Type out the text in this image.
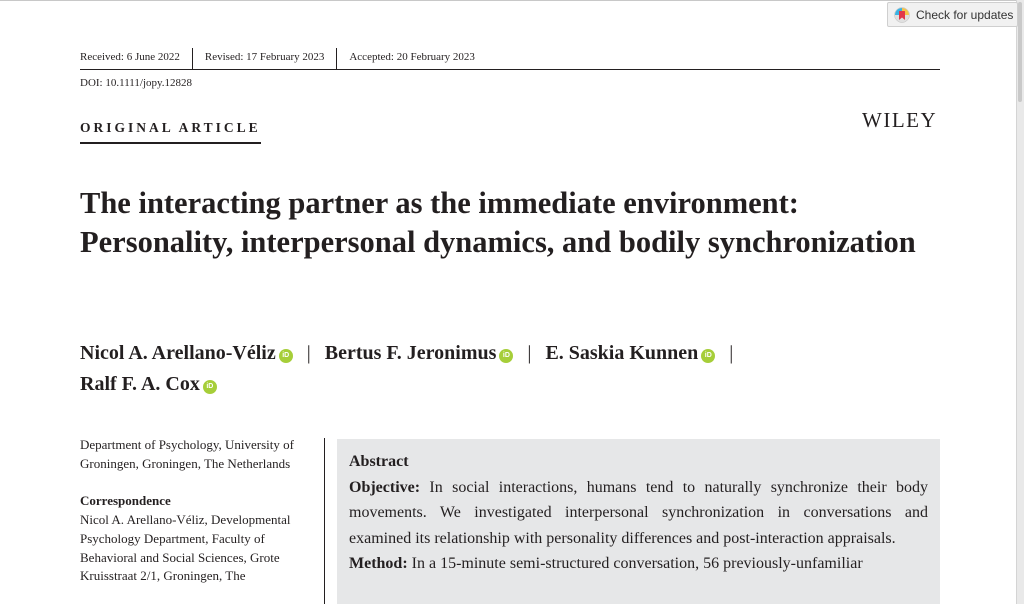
Check for updates
Received: 6 June 2022	Revised: 17 February 2023	Accepted: 20 February 2023
DOI: 10.1111/jopy.12828
ORIGINAL ARTICLE	WILEY
The interacting partner as the immediate environment: Personality, interpersonal dynamics, and bodily synchronization
Nicol A. Arellano-Véliz iD | Bertus F. Jeronimus iD | E. Saskia Kunnen iD |
Ralf F. A. Cox iD

Department of Psychology, University of Groningen, Groningen, The Netherlands

Correspondence

Nicol A. Arellano-Véliz, Developmental Psychology Department, Faculty of Behavioral and Social Sciences, Grote Kruisstraat 2/1, Groningen, The

Abstract

Objective: In social interactions, humans tend to naturally synchronize their body movements. We investigated interpersonal synchronization in conversations and examined its relationship with personality differences and post-interaction appraisals.

Method: In a 15-minute semi-structured conversation, 56 previously-unfamiliar
